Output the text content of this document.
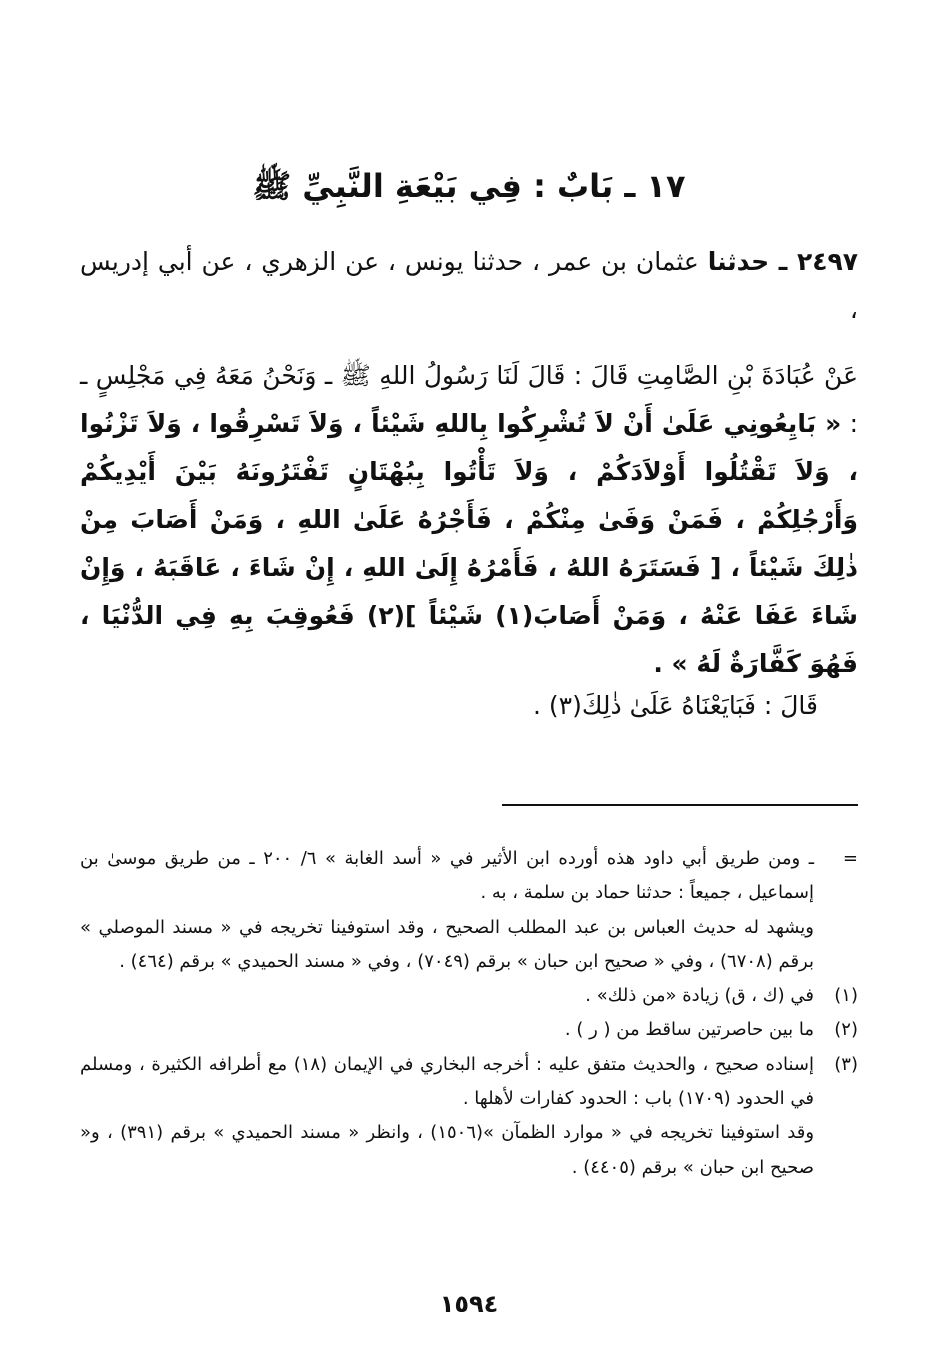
١٧ ـ بَابٌ : فِي بَيْعَةِ النَّبِيِّ ﷺ
٢٤٩٧ ـ حدثنا عثمان بن عمر ، حدثنا يونس ، عن الزهري ، عن أبي إدريس ،
عَنْ عُبَادَةَ بْنِ الصَّامِتِ قَالَ : قَالَ لَنَا رَسُولُ اللهِ ﷺ ـ وَنَحْنُ مَعَهُ فِي مَجْلِسٍ ـ : « بَايِعُونِي عَلَىٰ أَنْ لاَ تُشْرِكُوا بِاللهِ شَيْئاً ، وَلاَ تَسْرِقُوا ، وَلاَ تَزْنُوا ، وَلاَ تَقْتُلُوا أَوْلاَدَكُمْ ، وَلاَ تَأْتُوا بِبُهْتَانٍ تَفْتَرُونَهُ بَيْنَ أَيْدِيكُمْ وَأَرْجُلِكُمْ ، فَمَنْ وَفَىٰ مِنْكُمْ ، فَأَجْرُهُ عَلَىٰ اللهِ ، وَمَنْ أَصَابَ مِنْ ذٰلِكَ شَيْئاً ، [ فَسَتَرَهُ اللهُ ، فَأَمْرُهُ إِلَىٰ اللهِ ، إِنْ شَاءَ ، عَاقَبَهُ ، وَإِنْ شَاءَ عَفَا عَنْهُ ، وَمَنْ أَصَابَ(١) شَيْئاً ](٢) فَعُوقِبَ بِهِ فِي الدُّنْيَا ، فَهُوَ كَفَّارَةٌ لَهُ » .
قَالَ : فَبَايَعْنَاهُ عَلَىٰ ذٰلِكَ(٣) .
=

ـ ومن طريق أبي داود هذه أورده ابن الأثير في « أسد الغابة » ٦/ ٢٠٠ ـ من طريق موسىٰ بن إسماعيل ، جميعاً : حدثنا حماد بن سلمة ، به .

ويشهد له حديث العباس بن عبد المطلب الصحيح ، وقد استوفينا تخريجه في « مسند الموصلي » برقم (٦٧٠٨) ، وفي « صحيح ابن حبان » برقم (٧٠٤٩) ، وفي « مسند الحميدي » برقم (٤٦٤) .

(١)

في (ك ، ق) زيادة «من ذلك» .

(٢)

ما بين حاصرتين ساقط من ( ر ) .

(٣)

إسناده صحيح ، والحديث متفق عليه : أخرجه البخاري في الإيمان (١٨) مع أطرافه الكثيرة ، ومسلم في الحدود (١٧٠٩) باب : الحدود كفارات لأهلها .

وقد استوفينا تخريجه في « موارد الظمآن »(١٥٠٦) ، وانظر « مسند الحميدي » برقم (٣٩١) ، و« صحيح ابن حبان » برقم (٤٤٠٥) .

١٥٩٤
